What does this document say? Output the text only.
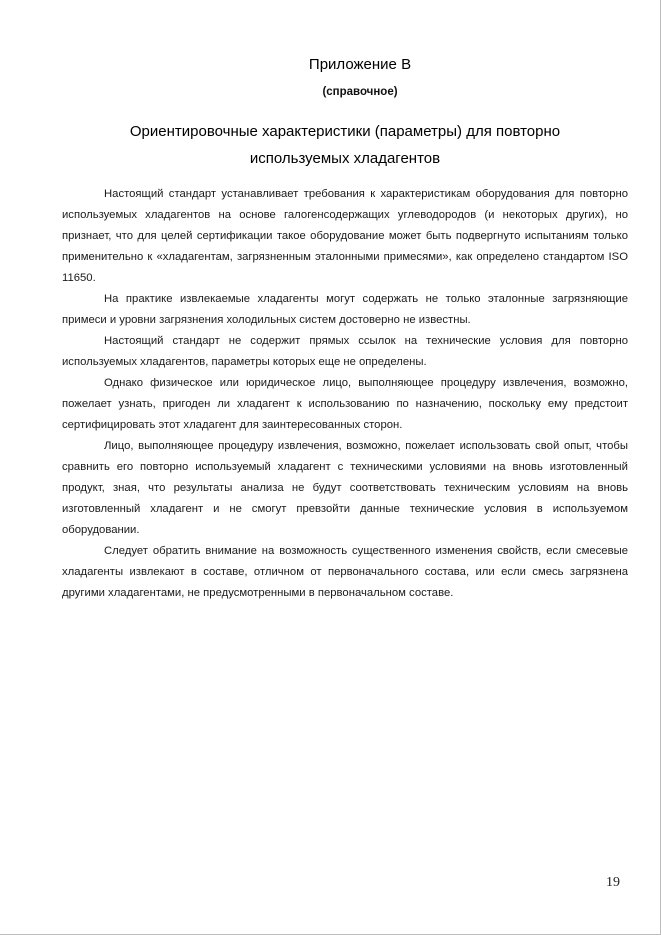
Приложение В
(справочное)
Ориентировочные характеристики (параметры) для повторно используемых хладагентов

Настоящий стандарт устанавливает требования к характеристикам оборудования для повторно используемых хладагентов на основе галогенсодержащих углеводородов (и некоторых других), но признает, что для целей сертификации такое оборудование может быть подвергнуто испытаниям только применительно к «хладагентам, загрязненным эталонными примесями», как определено стандартом ISO 11650.

На практике извлекаемые хладагенты могут содержать не только эталонные загрязняющие примеси и уровни загрязнения холодильных систем достоверно не известны.

Настоящий стандарт не содержит прямых ссылок на технические условия для повторно используемых хладагентов, параметры которых еще не определены.

Однако физическое или юридическое лицо, выполняющее процедуру извлечения, возможно, пожелает узнать, пригоден ли хладагент к использованию по назначению, поскольку ему предстоит сертифицировать этот хладагент для заинтересованных сторон.

Лицо, выполняющее процедуру извлечения, возможно, пожелает использовать свой опыт, чтобы сравнить его повторно используемый хладагент с техническими условиями на вновь изготовленный продукт, зная, что результаты анализа не будут соответствовать техническим условиям на вновь изготовленный хладагент и не смогут превзойти данные технические условия в используемом оборудовании.

Следует обратить внимание на возможность существенного изменения свойств, если смесевые хладагенты извлекают в составе, отличном от первоначального состава, или если смесь загрязнена другими хладагентами, не предусмотренными в первоначальном составе.

19
